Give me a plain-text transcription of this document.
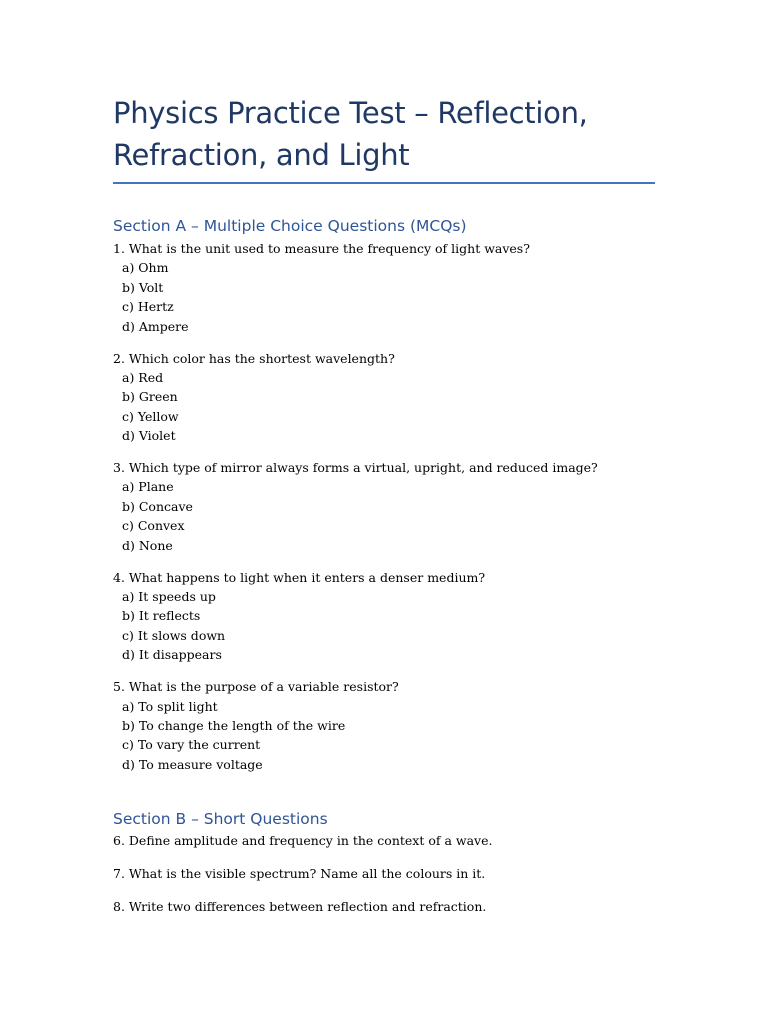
Physics Practice Test – Reflection, Refraction, and Light
Section A – Multiple Choice Questions (MCQs)
1. What is the unit used to measure the frequency of light waves?
a) Ohm
b) Volt
c) Hertz
d) Ampere
2. Which color has the shortest wavelength?
a) Red
b) Green
c) Yellow
d) Violet
3. Which type of mirror always forms a virtual, upright, and reduced image?
a) Plane
b) Concave
c) Convex
d) None
4. What happens to light when it enters a denser medium?
a) It speeds up
b) It reflects
c) It slows down
d) It disappears
5. What is the purpose of a variable resistor?
a) To split light
b) To change the length of the wire
c) To vary the current
d) To measure voltage
Section B – Short Questions
6. Define amplitude and frequency in the context of a wave.
7. What is the visible spectrum? Name all the colours in it.
8. Write two differences between reflection and refraction.
